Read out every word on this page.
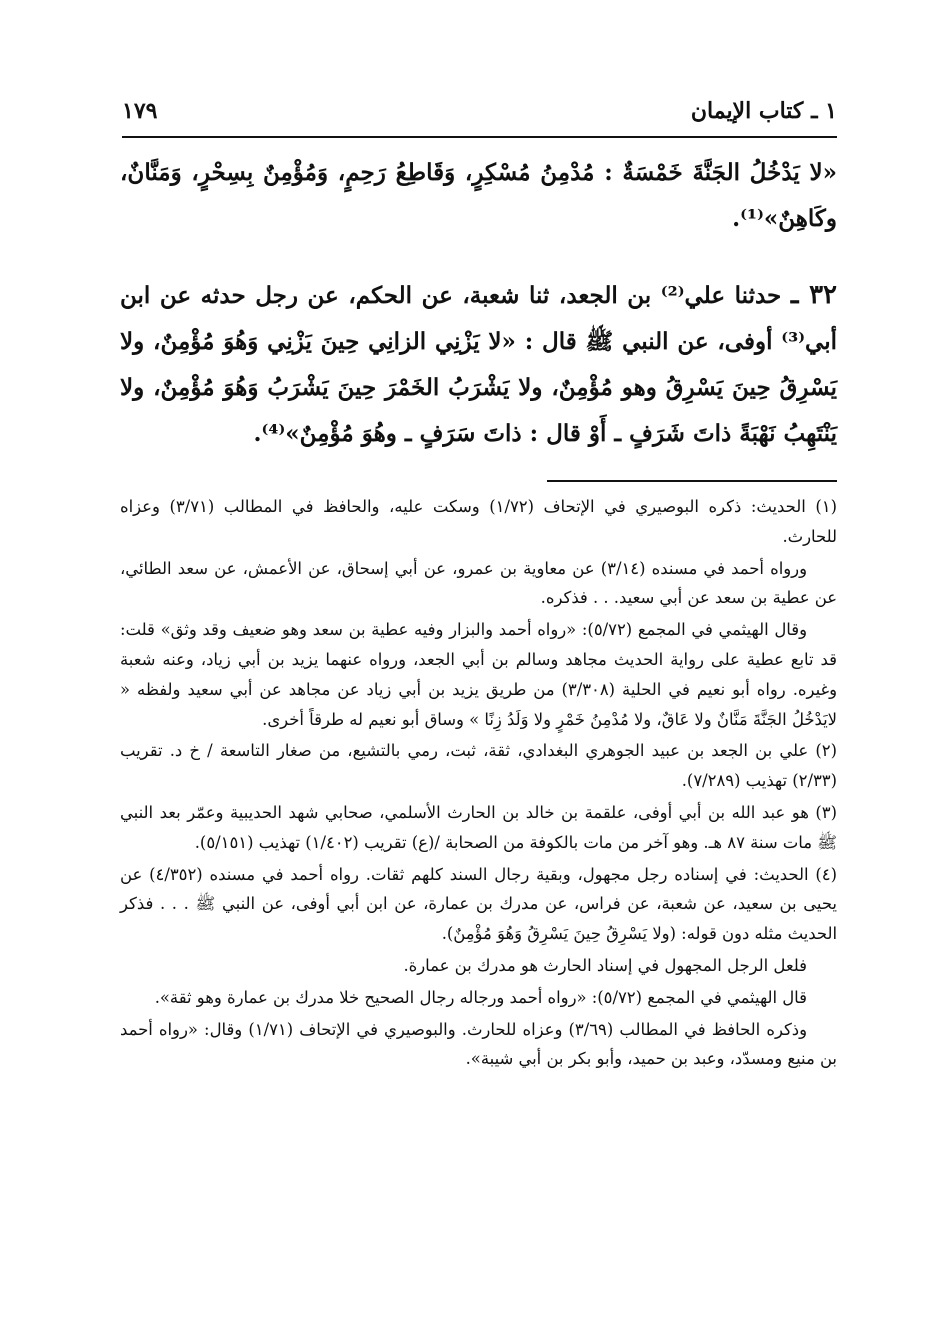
١ ـ كتاب الإيمان
١٧٩

«لا يَدْخُلُ الجَنَّةَ خَمْسَةٌ : مُدْمِنُ مُسْكِرٍ، وَقَاطِعُ رَحِمٍ، وَمُؤْمِنٌ بِسِحْرٍ، وَمَنَّانٌ، وكَاهِنٌ»⁽¹⁾.

٣٢ ـ حدثنا علي⁽²⁾ بن الجعد، ثنا شعبة، عن الحكم، عن رجل حدثه عن ابن أبي⁽³⁾ أوفى، عن النبي ﷺ قال : «لا يَزْنِي الزانِي حِينَ يَزْنِي وَهُوَ مُؤْمِنٌ، ولا يَسْرِقُ حِينَ يَسْرِقُ وهو مُؤْمِنٌ، ولا يَشْرَبُ الخَمْرَ حِينَ يَشْرَبُ وَهُوَ مُؤْمِنٌ، ولا يَنْتَهِبُ نَهْبَةً ذاتَ شَرَفٍ ـ أَوْ قال : ذاتَ سَرَفٍ ـ وهُوَ مُؤْمِنٌ»⁽⁴⁾.

(١) الحديث: ذكره البوصيري في الإتحاف (١/٧٢) وسكت عليه، والحافظ في المطالب (٣/٧١) وعزاه للحارث.

ورواه أحمد في مسنده (٣/١٤) عن معاوية بن عمرو، عن أبي إسحاق، عن الأعمش، عن سعد الطائي، عن عطية بن سعد عن أبي سعيد. . . فذكره.

وقال الهيثمي في المجمع (٥/٧٢): «رواه أحمد والبزار وفيه عطية بن سعد وهو ضعيف وقد وثق» قلت: قد تابع عطية على رواية الحديث مجاهد وسالم بن أبي الجعد، ورواه عنهما يزيد بن أبي زياد، وعنه شعبة وغيره. رواه أبو نعيم في الحلية (٣/٣٠٨) من طريق يزيد بن أبي زياد عن مجاهد عن أبي سعيد ولفظه « لايَدْخُلُ الجَنَّةَ مَنَّانٌ ولا عَاقٌ، ولا مُدْمِنُ خَمْرٍ ولا وَلَدُ زِنًا » وساق أبو نعيم له طرقاً أخرى.

(٢) علي بن الجعد بن عبيد الجوهري البغدادي، ثقة، ثبت، رمي بالتشيع، من صغار التاسعة / خ د. تقريب (٢/٣٣) تهذيب (٧/٢٨٩).

(٣) هو عبد الله بن أبي أوفى، علقمة بن خالد بن الحارث الأسلمي، صحابي شهد الحديبية وعمّر بعد النبي ﷺ مات سنة ٨٧ هـ. وهو آخر من مات بالكوفة من الصحابة /(ع) تقريب (١/٤٠٢) تهذيب (٥/١٥١).

(٤) الحديث: في إسناده رجل مجهول، وبقية رجال السند كلهم ثقات. رواه أحمد في مسنده (٤/٣٥٢) عن يحيى بن سعيد، عن شعبة، عن فراس، عن مدرك بن عمارة، عن ابن أبي أوفى، عن النبي ﷺ . . . فذكر الحديث مثله دون قوله: (ولا يَسْرِقُ حِينَ يَسْرِقُ وَهُوَ مُؤْمِنٌ).

فلعل الرجل المجهول في إسناد الحارث هو مدرك بن عمارة.

قال الهيثمي في المجمع (٥/٧٢): «رواه أحمد ورجاله رجال الصحيح خلا مدرك بن عمارة وهو ثقة».

وذكره الحافظ في المطالب (٣/٦٩) وعزاه للحارث. والبوصيري في الإتحاف (١/٧١) وقال: «رواه أحمد بن منيع ومسدّد، وعبد بن حميد، وأبو بكر بن أبي شيبة».
